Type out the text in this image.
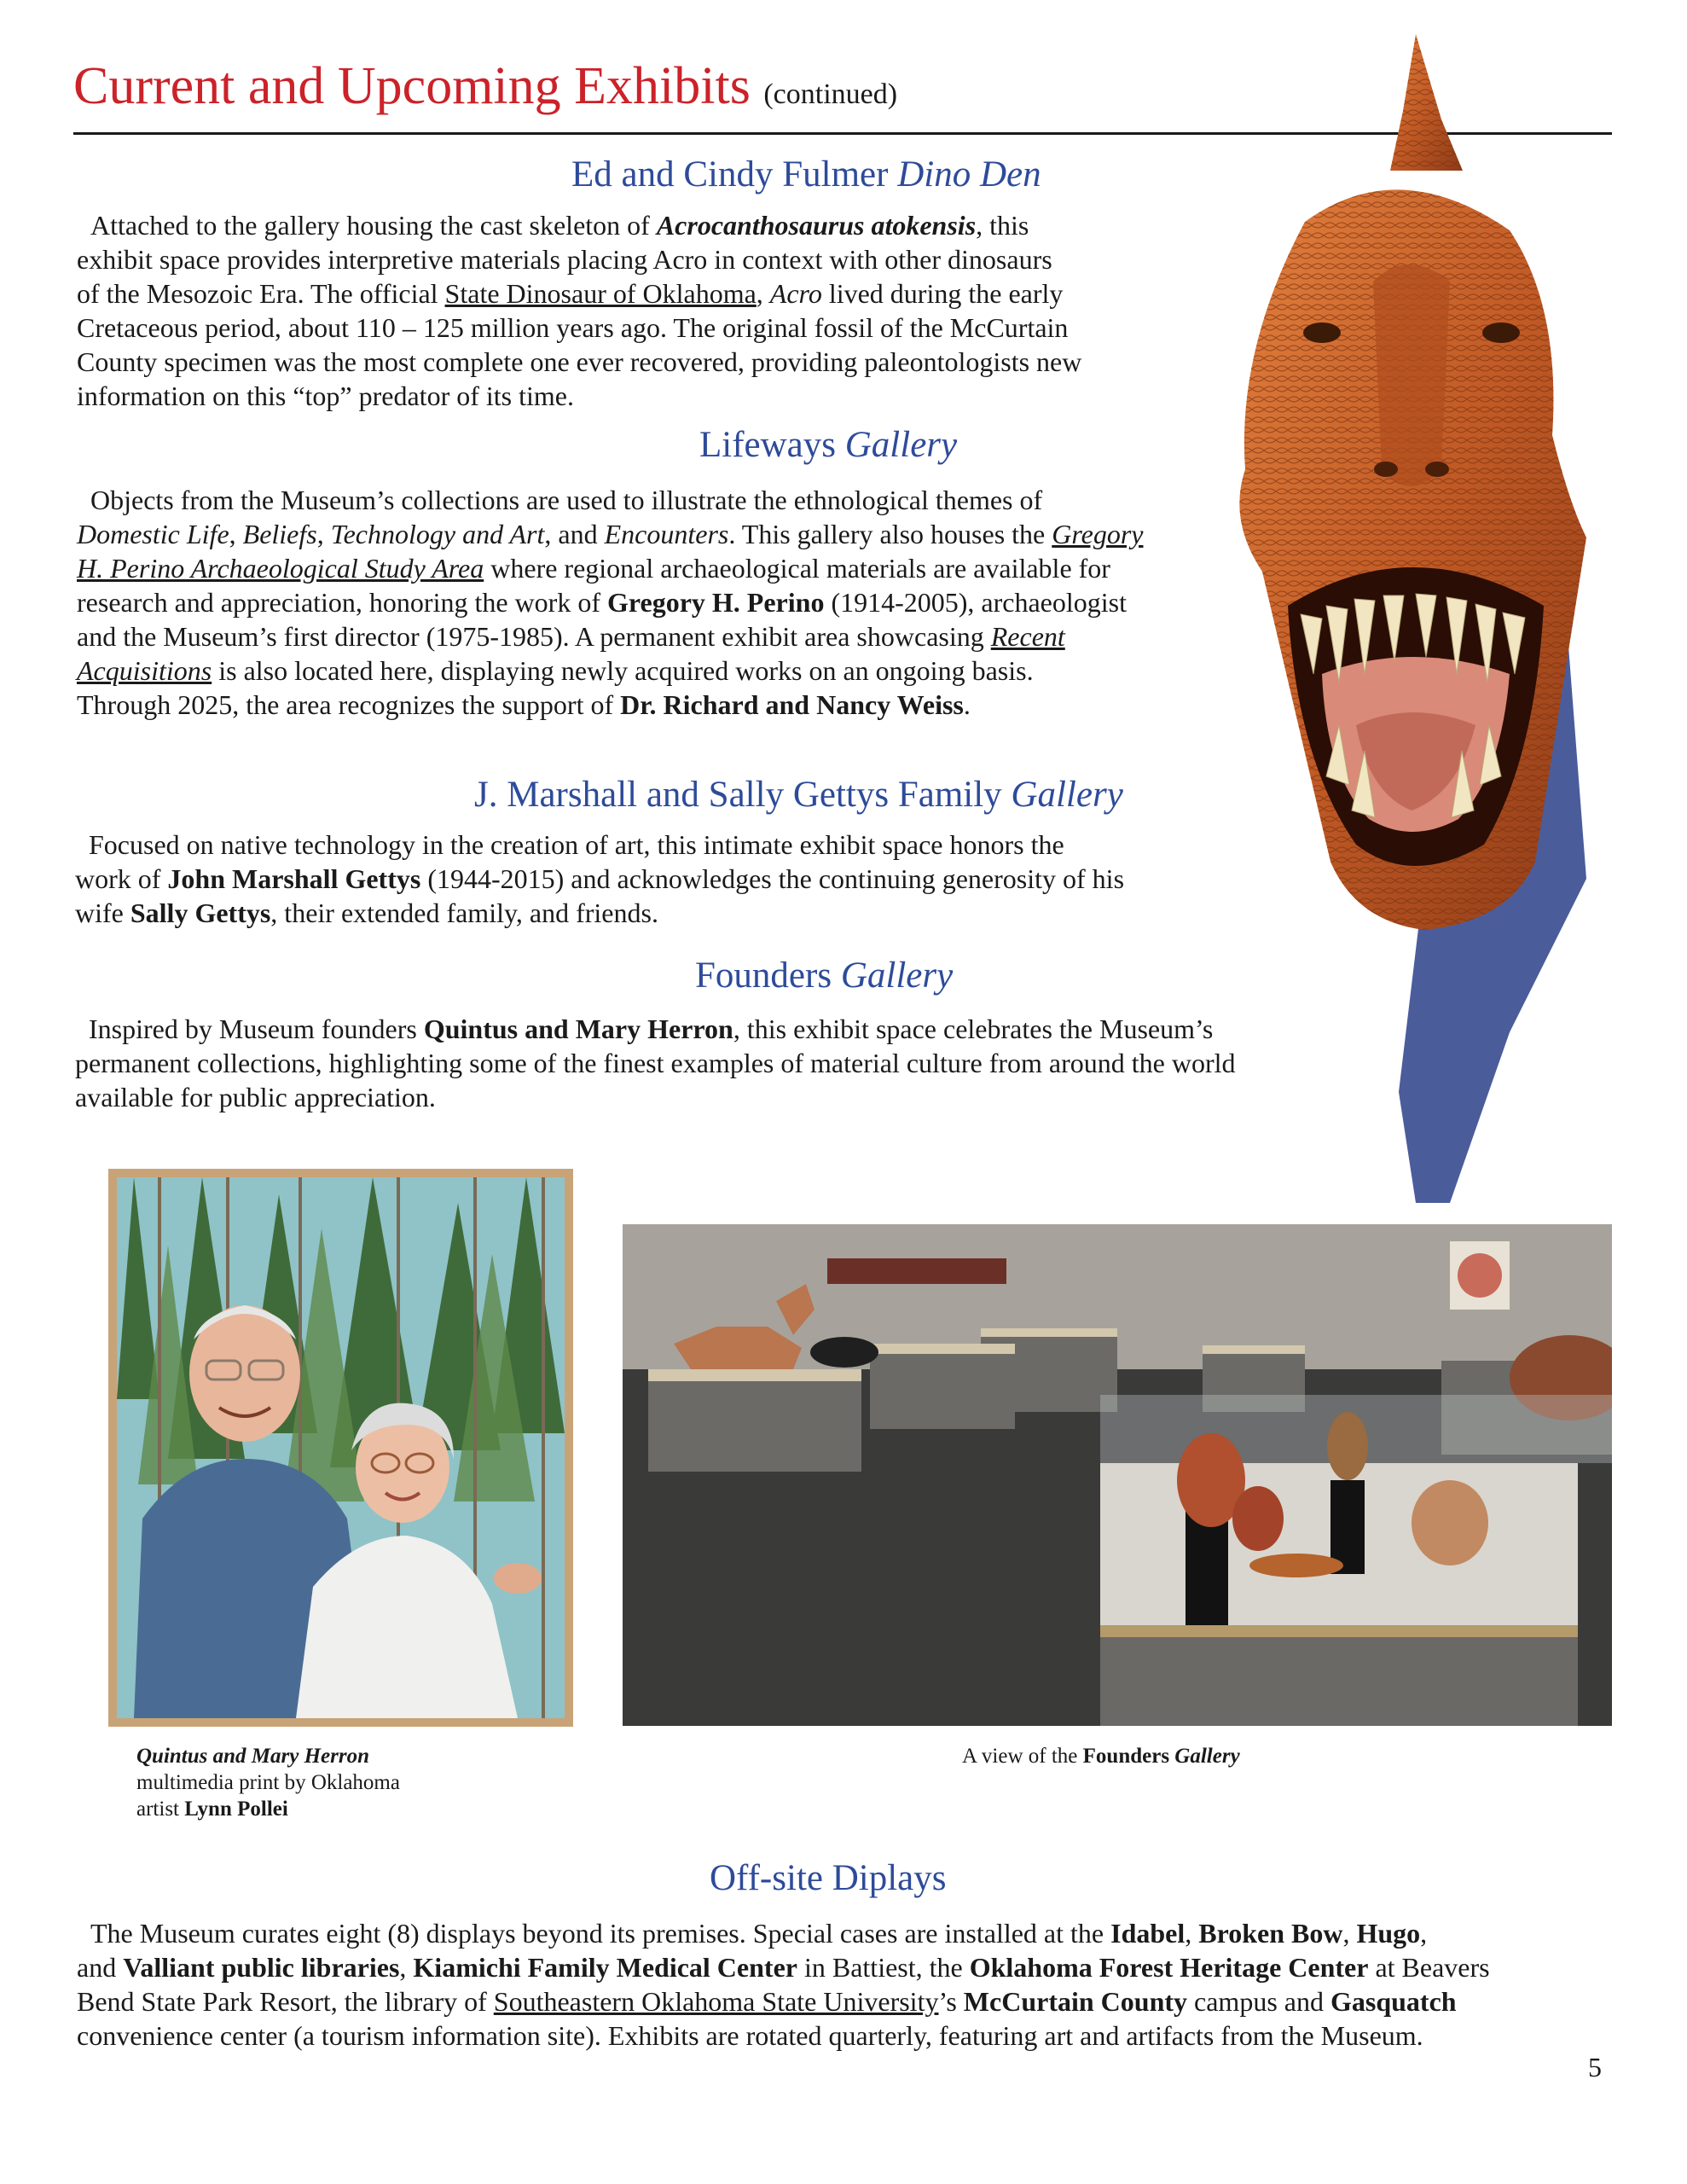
Current and Upcoming Exhibits (continued)
Ed and Cindy Fulmer Dino Den
Attached to the gallery housing the cast skeleton of Acrocanthosaurus atokensis, this
exhibit space provides interpretive materials placing Acro in context with other dinosaurs
of the Mesozoic Era. The official State Dinosaur of Oklahoma, Acro lived during the early
Cretaceous period, about 110 – 125 million years ago. The original fossil of the McCurtain
County specimen was the most complete one ever recovered, providing paleontologists new
information on this “top” predator of its time.
Lifeways Gallery
Objects from the Museum’s collections are used to illustrate the ethnological themes of
Domestic Life, Beliefs, Technology and Art, and Encounters. This gallery also houses the Gregory
H. Perino Archaeological Study Area where regional archaeological materials are available for
research and appreciation, honoring the work of Gregory H. Perino (1914-2005), archaeologist
and the Museum’s first director (1975-1985). A permanent exhibit area showcasing Recent
Acquisitions is also located here, displaying newly acquired works on an ongoing basis.
Through 2025, the area recognizes the support of Dr. Richard and Nancy Weiss.
J. Marshall and Sally Gettys Family Gallery
Focused on native technology in the creation of art, this intimate exhibit space honors the
work of John Marshall Gettys (1944-2015) and acknowledges the continuing generosity of his
wife Sally Gettys, their extended family, and friends.
Founders Gallery
Inspired by Museum founders Quintus and Mary Herron, this exhibit space celebrates the Museum’s
permanent collections, highlighting some of the finest examples of material culture from around the world
available for public appreciation.
Quintus and Mary Herron
multimedia print by Oklahoma
artist Lynn Pollei
A view of the Founders Gallery
Off-site Diplays
The Museum curates eight (8) displays beyond its premises. Special cases are installed at the Idabel, Broken Bow, Hugo,
and Valliant public libraries, Kiamichi Family Medical Center in Battiest, the Oklahoma Forest Heritage Center at Beavers
Bend State Park Resort, the library of Southeastern Oklahoma State University’s McCurtain County campus and Gasquatch
convenience center (a tourism information site). Exhibits are rotated quarterly, featuring art and artifacts from the Museum.
5
